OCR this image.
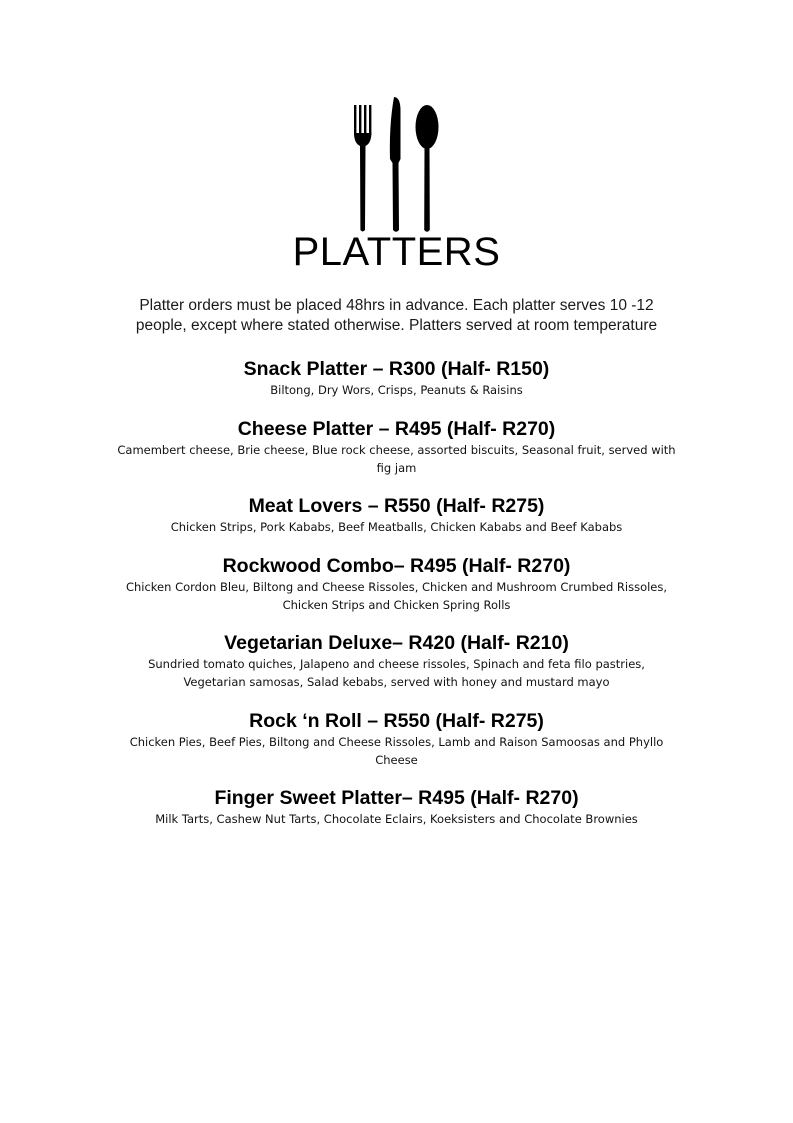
PLATTERS
Platter orders must be placed 48hrs in advance. Each platter serves 10 -12 people, except where stated otherwise. Platters served at room temperature
Snack Platter – R300 (Half- R150)
Biltong, Dry Wors, Crisps, Peanuts & Raisins
Cheese Platter – R495 (Half- R270)
Camembert cheese, Brie cheese, Blue rock cheese, assorted biscuits, Seasonal fruit, served with fig jam
Meat Lovers – R550 (Half- R275)
Chicken Strips, Pork Kababs, Beef Meatballs, Chicken Kababs and Beef Kababs
Rockwood Combo– R495 (Half- R270)
Chicken Cordon Bleu, Biltong and Cheese Rissoles, Chicken and Mushroom Crumbed Rissoles, Chicken Strips and Chicken Spring Rolls
Vegetarian Deluxe– R420 (Half- R210)
Sundried tomato quiches, Jalapeno and cheese rissoles, Spinach and feta filo pastries, Vegetarian samosas, Salad kebabs, served with honey and mustard mayo
Rock ‘n Roll – R550 (Half- R275)
Chicken Pies, Beef Pies, Biltong and Cheese Rissoles, Lamb and Raison Samoosas and Phyllo Cheese
Finger Sweet Platter– R495 (Half- R270)
Milk Tarts, Cashew Nut Tarts, Chocolate Eclairs, Koeksisters and Chocolate Brownies
